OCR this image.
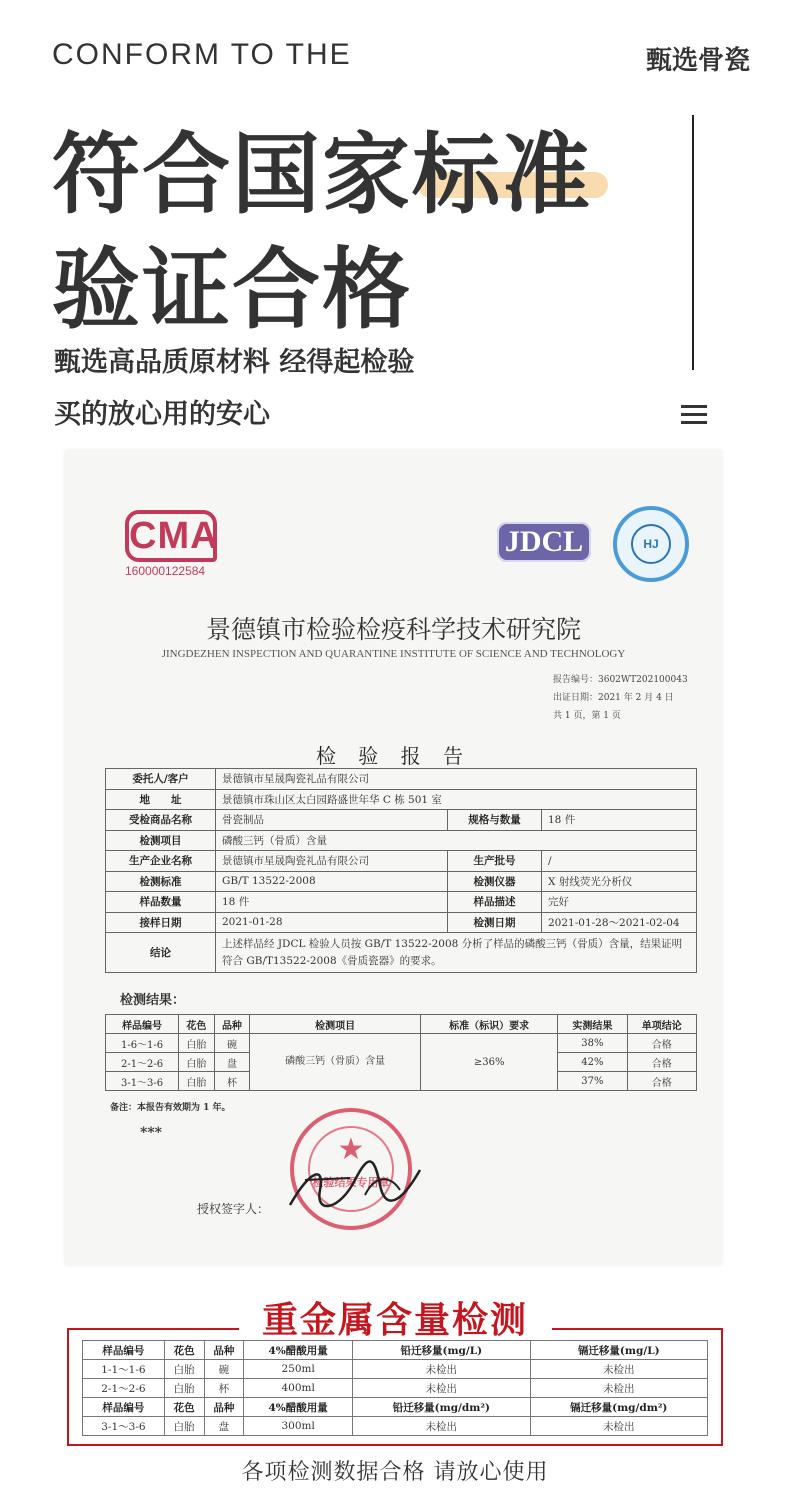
CONFORM TO THE	甄选骨瓷
符合国家标准
验证合格
甄选高品质原材料 经得起检验
买的放心用的安心
CMA
160000122584
JDCL	HJ
景德镇市检验检疫科学技术研究院
JINGDEZHEN INSPECTION AND QUARANTINE INSTITUTE OF SCIENCE AND TECHNOLOGY
报告编号：3602WT202100043
出证日期：2021 年 2 月 4 日
共 1 页，第 1 页
检 验 报 告
委托人/客户	景德镇市星晟陶瓷礼品有限公司		
地　　址	景德镇市珠山区太白园路盛世年华 C 栋 501 室		
受检商品名称	骨瓷制品	规格与数量	18 件
检测项目	磷酸三钙（骨质）含量		
生产企业名称	景德镇市星晟陶瓷礼品有限公司	生产批号	/
检测标准	GB/T 13522-2008	检测仪器	X 射线荧光分析仪
样品数量	18 件	样品描述	完好
接样日期	2021-01-28	检测日期	2021-01-28～2021-02-04
结论	上述样品经 JDCL 检验人员按 GB/T 13522-2008 分析了样品的磷酸三钙（骨质）含量，结果证明符合 GB/T13522-2008《骨质瓷器》的要求。		
检测结果：
样品编号	花色	品种	检测项目	标准（标识）要求	实测结果	单项结论
1-6～1-6	白胎	碗	磷酸三钙（骨质）含量	≥36%	38%	合格
2-1～2-6	白胎	盘			42%	合格
3-1～3-6	白胎	杯			37%	合格
备注：本报告有效期为 1 年。
***
授权签字人：
★
检验结果专用章
重金属含量检测
样品编号	花色	品种	4%醋酸用量	铅迁移量(mg/L)	镉迁移量(mg/L)
1-1～1-6	白胎	碗	250ml	未检出	未检出
2-1～2-6	白胎	杯	400ml	未检出	未检出
样品编号	花色	品种	4%醋酸用量	铅迁移量(mg/dm²)	镉迁移量(mg/dm²)
3-1～3-6	白胎	盘	300ml	未检出	未检出
各项检测数据合格 请放心使用
